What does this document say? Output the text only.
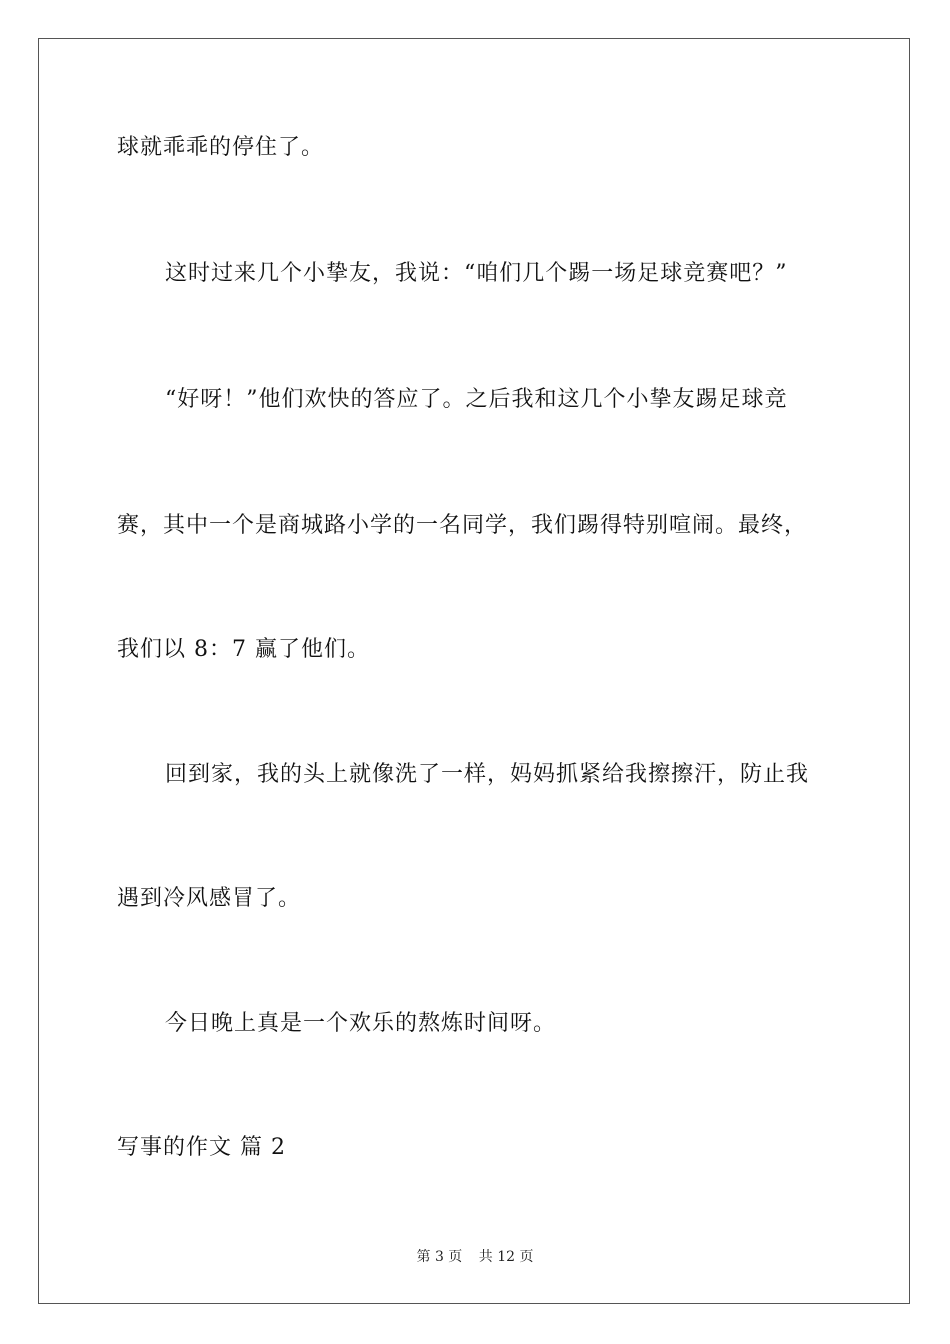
球就乖乖的停住了。
这时过来几个小挚友，我说：“咱们几个踢一场足球竞赛吧？”
“好呀！”他们欢快的答应了。之后我和这几个小挚友踢足球竞
赛，其中一个是商城路小学的一名同学，我们踢得特别喧闹。最终，
我们以 8：7 赢了他们。
回到家，我的头上就像洗了一样，妈妈抓紧给我擦擦汗，防止我
遇到冷风感冒了。
今日晚上真是一个欢乐的熬炼时间呀。
写事的作文 篇 2
第 3 页 共 12 页
